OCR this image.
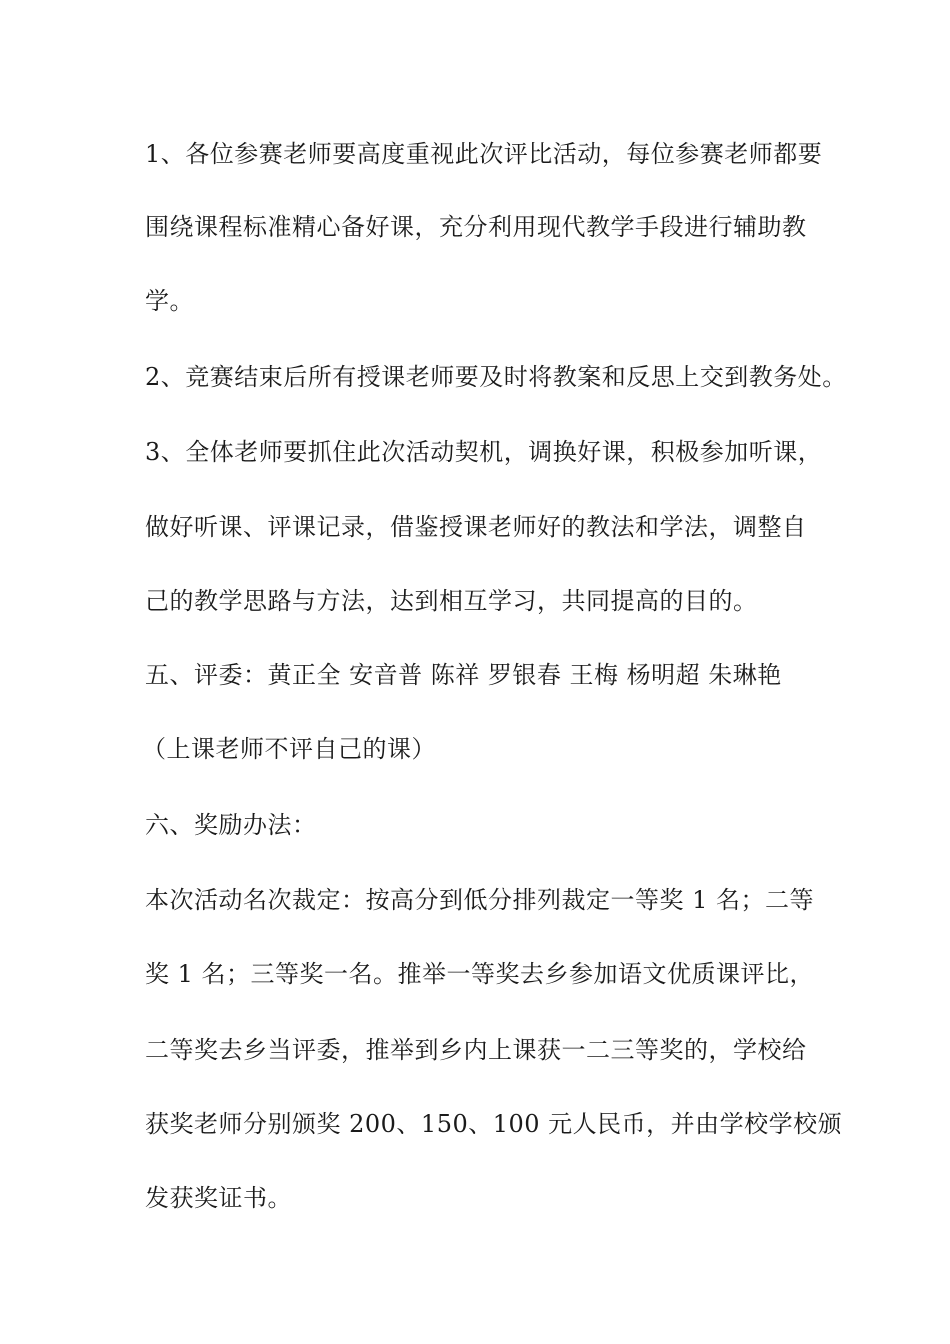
1、各位参赛老师要高度重视此次评比活动，每位参赛老师都要
围绕课程标准精心备好课，充分利用现代教学手段进行辅助教
学。
2、竞赛结束后所有授课老师要及时将教案和反思上交到教务处。
3、全体老师要抓住此次活动契机，调换好课，积极参加听课，
做好听课、评课记录，借鉴授课老师好的教法和学法，调整自
己的教学思路与方法，达到相互学习，共同提高的目的。
五、评委：黄正全 安音普 陈祥 罗银春 王梅 杨明超 朱琳艳
（上课老师不评自己的课）
六、奖励办法：
本次活动名次裁定：按高分到低分排列裁定一等奖 1 名；二等
奖 1 名；三等奖一名。推举一等奖去乡参加语文优质课评比，
二等奖去乡当评委，推举到乡内上课获一二三等奖的，学校给
获奖老师分别颁奖 200、150、100 元人民币，并由学校学校颁
发获奖证书。
